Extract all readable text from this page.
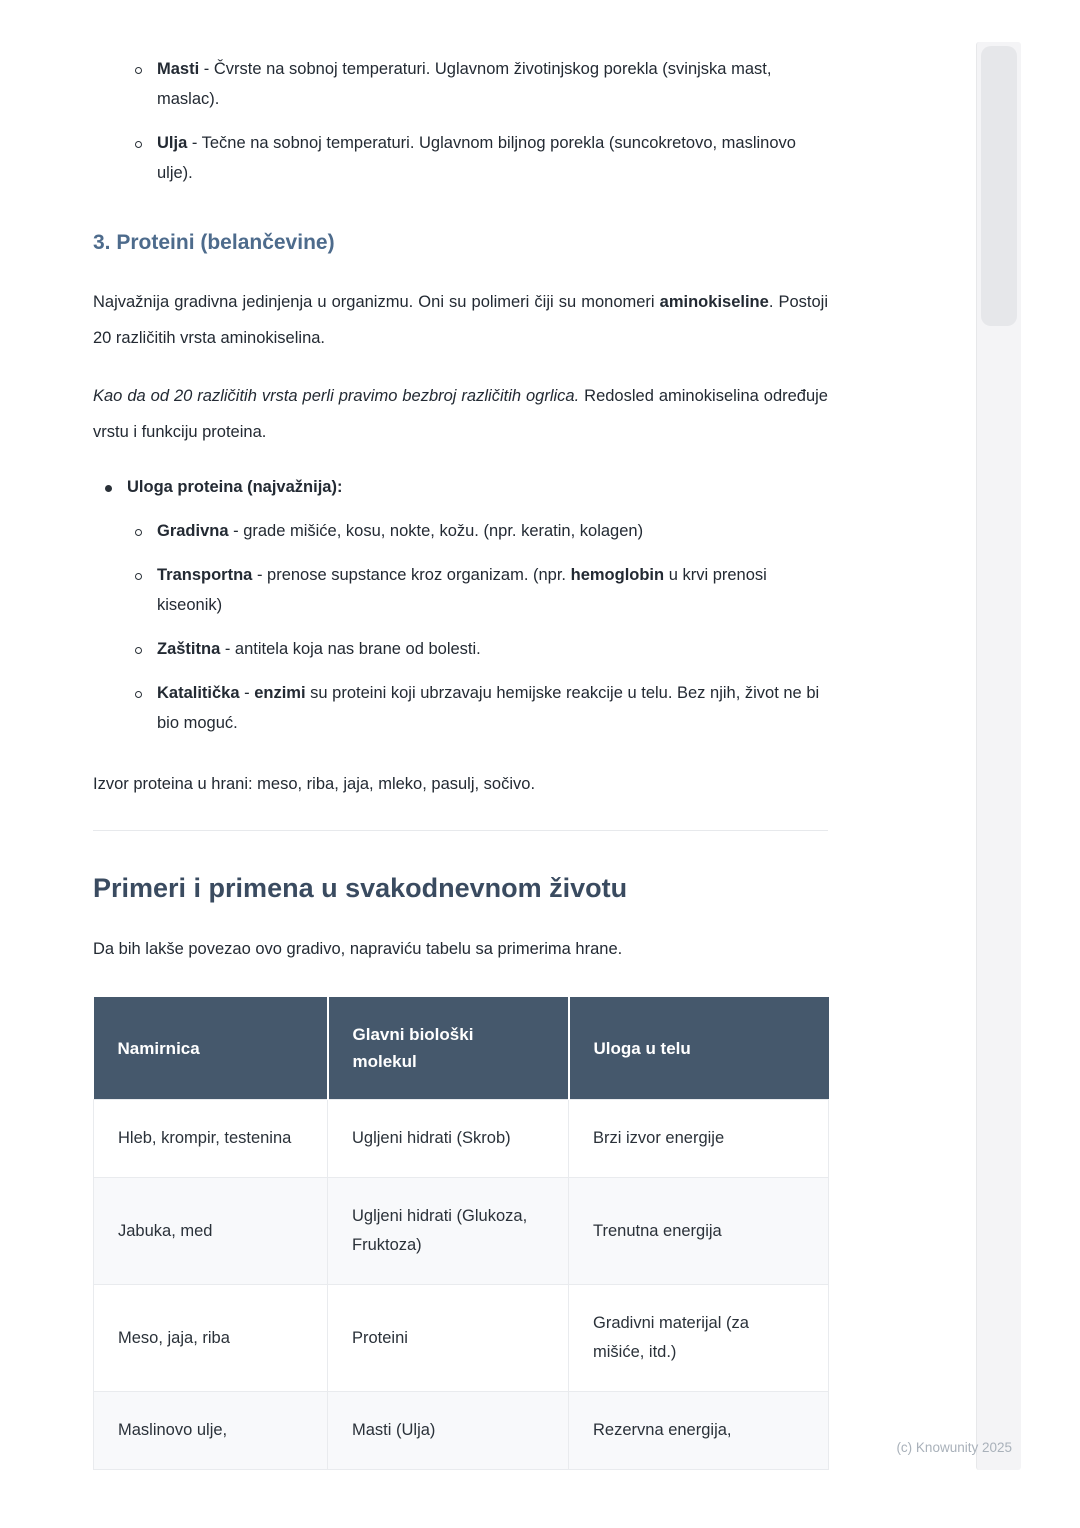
Masti - Čvrste na sobnoj temperaturi. Uglavnom životinjskog porekla (svinjska mast, maslac).
Ulja - Tečne na sobnoj temperaturi. Uglavnom biljnog porekla (suncokretovo, maslinovo ulje).
3. Proteini (belančevine)

Najvažnija gradivna jedinjenja u organizmu. Oni su polimeri čiji su monomeri aminokiseline. Postoji 20 različitih vrsta aminokiselina.

Kao da od 20 različitih vrsta perli pravimo bezbroj različitih ogrlica. Redosled aminokiselina određuje vrstu i funkciju proteina.

Uloga proteina (najvažnija):
Gradivna - grade mišiće, kosu, nokte, kožu. (npr. keratin, kolagen)
Transportna - prenose supstance kroz organizam. (npr. hemoglobin u krvi prenosi kiseonik)
Zaštitna - antitela koja nas brane od bolesti.
Katalitička - enzimi su proteini koji ubrzavaju hemijske reakcije u telu. Bez njih, život ne bi bio moguć.

Izvor proteina u hrani: meso, riba, jaja, mleko, pasulj, sočivo.

Primeri i primena u svakodnevnom životu

Da bih lakše povezao ovo gradivo, napraviću tabelu sa primerima hrane.

Namirnica	Glavni biološki molekul	Uloga u telu
Hleb, krompir, testenina	Ugljeni hidrati (Skrob)	Brzi izvor energije
Jabuka, med	Ugljeni hidrati (Glukoza, Fruktoza)	Trenutna energija
Meso, jaja, riba	Proteini	Gradivni materijal (za mišiće, itd.)
Maslinovo ulje,	Masti (Ulja)	Rezervna energija,
(c) Knowunity 2025
